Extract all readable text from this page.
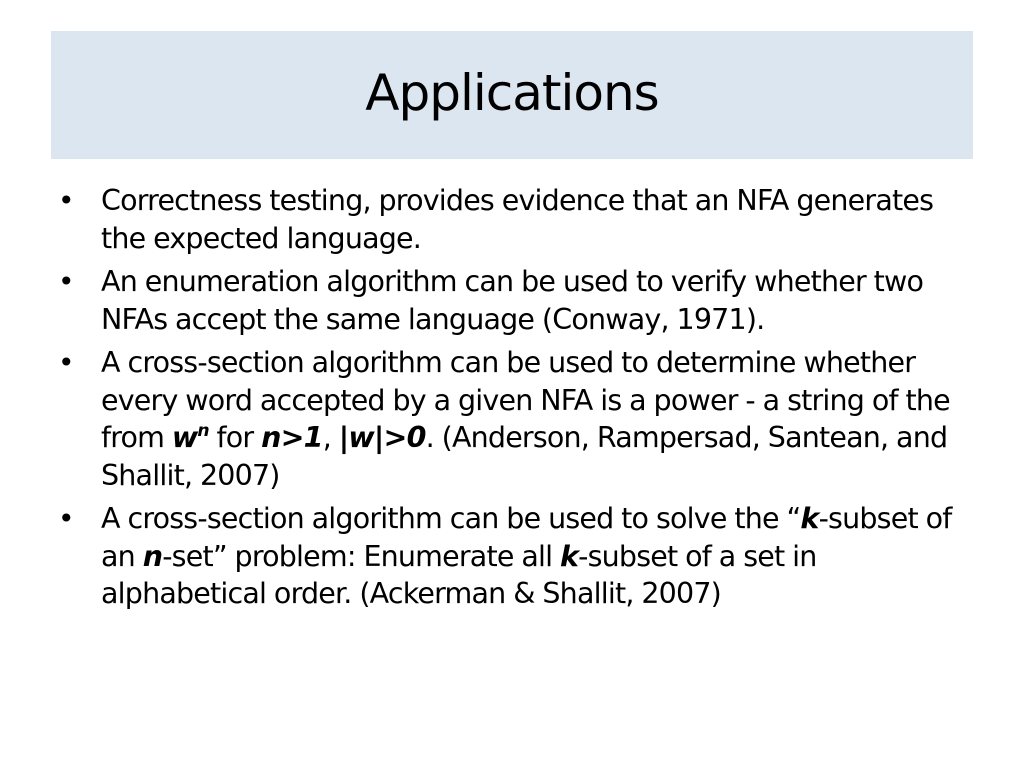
Applications
• Correctness testing, provides evidence that an NFA generates the expected language.
• An enumeration algorithm can be used to verify whether two NFAs accept the same language (Conway, 1971).
• A cross-section algorithm can be used to determine whether every word accepted by a given NFA is a power - a string of the from $w^n$ for n>1, |w|>0. (Anderson, Rampersad, Santean, and Shallit, 2007)
• A cross-section algorithm can be used to solve the “k-subset of an n-set” problem: Enumerate all k-subset of a set in alphabetical order. (Ackerman & Shallit, 2007)
